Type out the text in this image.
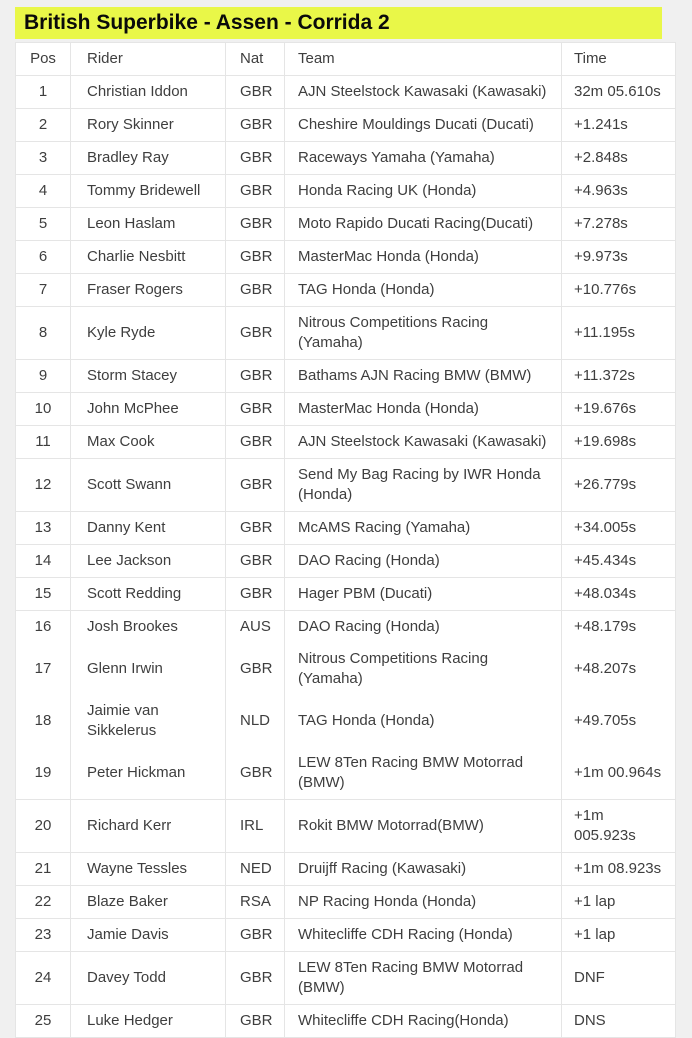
British Superbike - Assen - Corrida 2
Pos	Rider	Nat	Team	Time
1	Christian Iddon	GBR	AJN Steelstock Kawasaki (Kawasaki)	32m 05.610s
2	Rory Skinner	GBR	Cheshire Mouldings Ducati (Ducati)	+1.241s
3	Bradley Ray	GBR	Raceways Yamaha (Yamaha)	+2.848s
4	Tommy Bridewell	GBR	Honda Racing UK (Honda)	+4.963s
5	Leon Haslam	GBR	Moto Rapido Ducati Racing(Ducati)	+7.278s
6	Charlie Nesbitt	GBR	MasterMac Honda (Honda)	+9.973s
7	Fraser Rogers	GBR	TAG Honda (Honda)	+10.776s
8	Kyle Ryde	GBR	Nitrous Competitions Racing (Yamaha)	+11.195s
9	Storm Stacey	GBR	Bathams AJN Racing BMW (BMW)	+11.372s
10	John McPhee	GBR	MasterMac Honda (Honda)	+19.676s
11	Max Cook	GBR	AJN Steelstock Kawasaki (Kawasaki)	+19.698s
12	Scott Swann	GBR	Send My Bag Racing by IWR Honda (Honda)	+26.779s
13	Danny Kent	GBR	McAMS Racing (Yamaha)	+34.005s
14	Lee Jackson	GBR	DAO Racing (Honda)	+45.434s
15	Scott Redding	GBR	Hager PBM (Ducati)	+48.034s
16	Josh Brookes	AUS	DAO Racing (Honda)	+48.179s
17	Glenn Irwin	GBR	Nitrous Competitions Racing (Yamaha)	+48.207s
18	Jaimie van Sikkelerus	NLD	TAG Honda (Honda)	+49.705s
19	Peter Hickman	GBR	LEW 8Ten Racing BMW Motorrad (BMW)	+1m 00.964s
20	Richard Kerr	IRL	Rokit BMW Motorrad(BMW)	+1m 005.923s
21	Wayne Tessles	NED	Druijff Racing (Kawasaki)	+1m 08.923s
22	Blaze Baker	RSA	NP Racing Honda (Honda)	+1 lap
23	Jamie Davis	GBR	Whitecliffe CDH Racing (Honda)	+1 lap
24	Davey Todd	GBR	LEW 8Ten Racing BMW Motorrad (BMW)	DNF
25	Luke Hedger	GBR	Whitecliffe CDH Racing(Honda)	DNS
